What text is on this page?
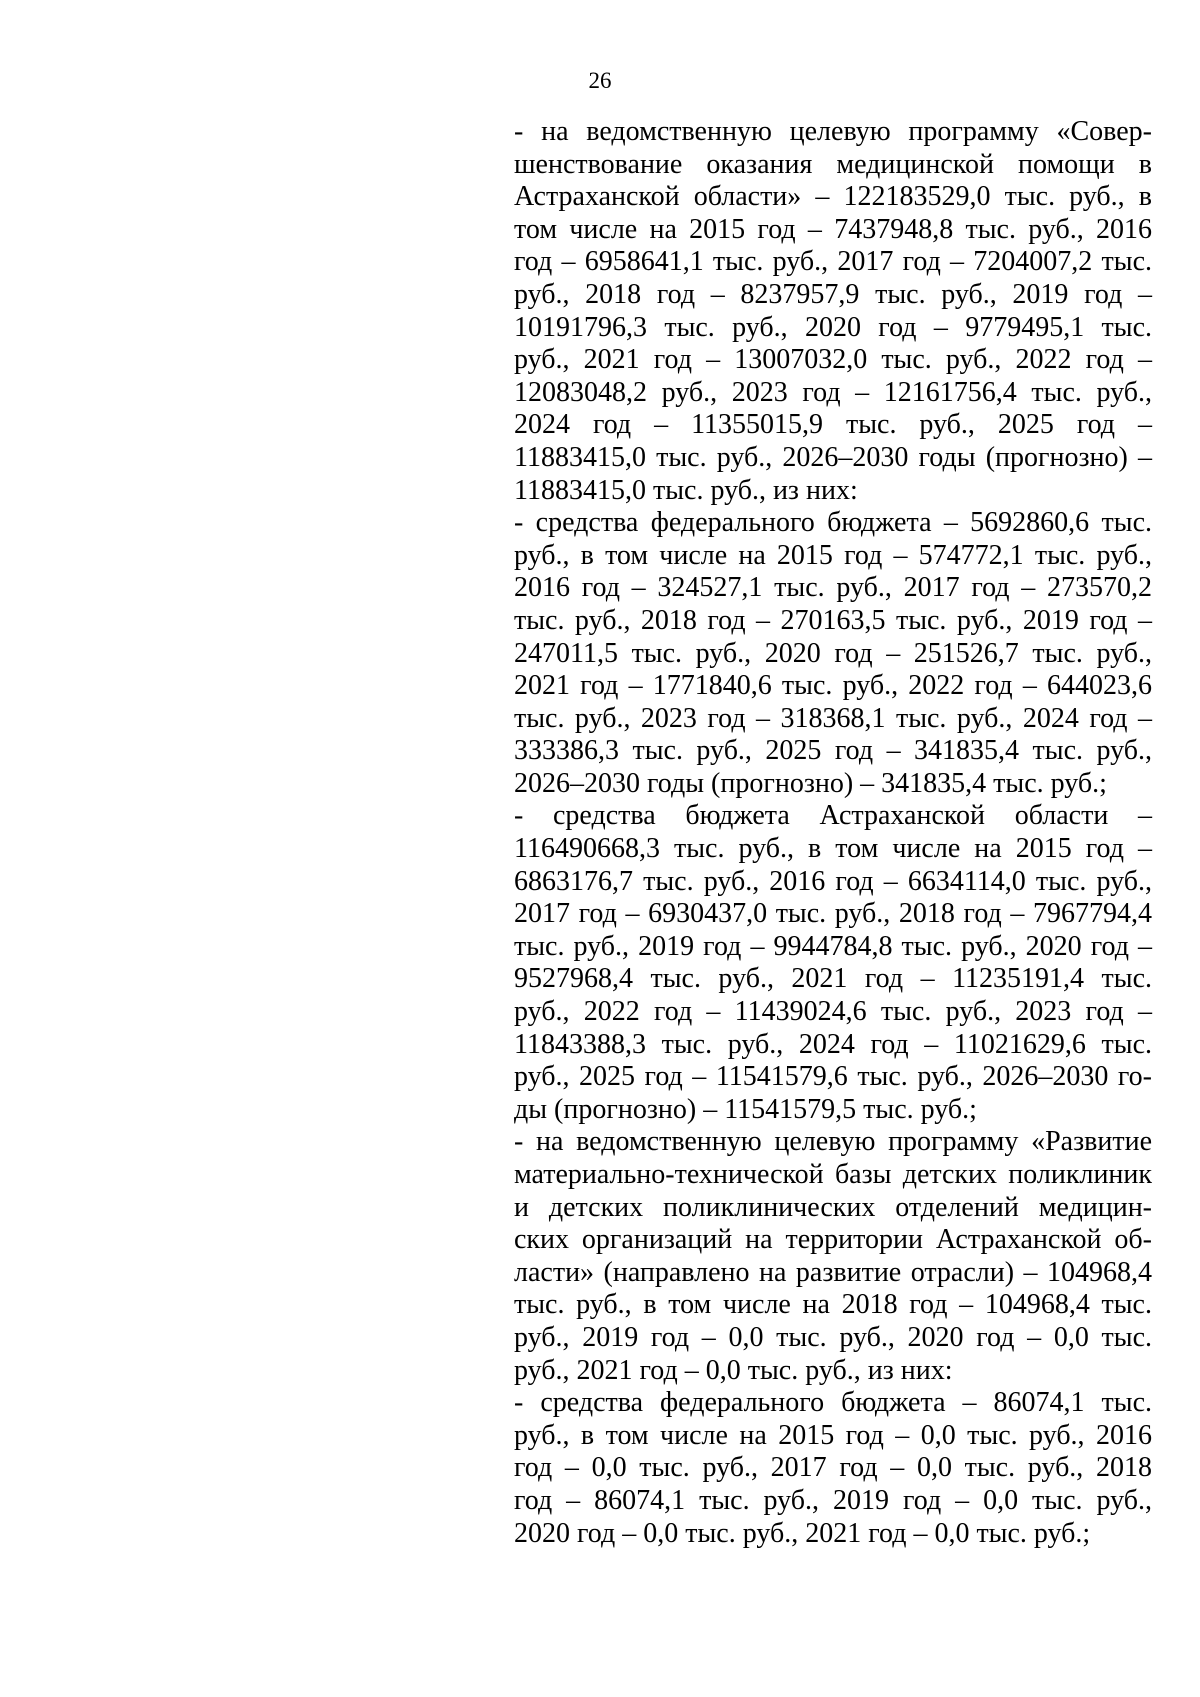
26
- на ведомственную целевую программу «Совер-
шенствование оказания медицинской помощи в
Астраханской области» – 122183529,0 тыс. руб., в
том числе на 2015 год – 7437948,8 тыс. руб., 2016
год – 6958641,1 тыс. руб., 2017 год – 7204007,2 тыс.
руб., 2018 год – 8237957,9 тыс. руб., 2019 год –
10191796,3 тыс. руб., 2020 год – 9779495,1 тыс.
руб., 2021 год – 13007032,0 тыс. руб., 2022 год –
12083048,2 руб., 2023 год – 12161756,4 тыс. руб.,
2024 год – 11355015,9 тыс. руб., 2025 год –
11883415,0 тыс. руб., 2026–2030 годы (прогнозно) –
11883415,0 тыс. руб., из них:
- средства федерального бюджета – 5692860,6 тыс.
руб., в том числе на 2015 год – 574772,1 тыс. руб.,
2016 год – 324527,1 тыс. руб., 2017 год – 273570,2
тыс. руб., 2018 год – 270163,5 тыс. руб., 2019 год –
247011,5 тыс. руб., 2020 год – 251526,7 тыс. руб.,
2021 год – 1771840,6 тыс. руб., 2022 год – 644023,6
тыс. руб., 2023 год – 318368,1 тыс. руб., 2024 год –
333386,3 тыс. руб., 2025 год – 341835,4 тыс. руб.,
2026–2030 годы (прогнозно) – 341835,4 тыс. руб.;
- средства бюджета Астраханской области –
116490668,3 тыс. руб., в том числе на 2015 год –
6863176,7 тыс. руб., 2016 год – 6634114,0 тыс. руб.,
2017 год – 6930437,0 тыс. руб., 2018 год – 7967794,4
тыс. руб., 2019 год – 9944784,8 тыс. руб., 2020 год –
9527968,4 тыс. руб., 2021 год – 11235191,4 тыс.
руб., 2022 год – 11439024,6 тыс. руб., 2023 год –
11843388,3 тыс. руб., 2024 год – 11021629,6 тыс.
руб., 2025 год – 11541579,6 тыс. руб., 2026–2030 го-
ды (прогнозно) – 11541579,5 тыс. руб.;
- на ведомственную целевую программу «Развитие
материально-технической базы детских поликлиник
и детских поликлинических отделений медицин-
ских организаций на территории Астраханской об-
ласти» (направлено на развитие отрасли) – 104968,4
тыс. руб., в том числе на 2018 год – 104968,4 тыс.
руб., 2019 год – 0,0 тыс. руб., 2020 год – 0,0 тыс.
руб., 2021 год – 0,0 тыс. руб., из них:
- средства федерального бюджета – 86074,1 тыс.
руб., в том числе на 2015 год – 0,0 тыс. руб., 2016
год – 0,0 тыс. руб., 2017 год – 0,0 тыс. руб., 2018
год – 86074,1 тыс. руб., 2019 год – 0,0 тыс. руб.,
2020 год – 0,0 тыс. руб., 2021 год – 0,0 тыс. руб.;
